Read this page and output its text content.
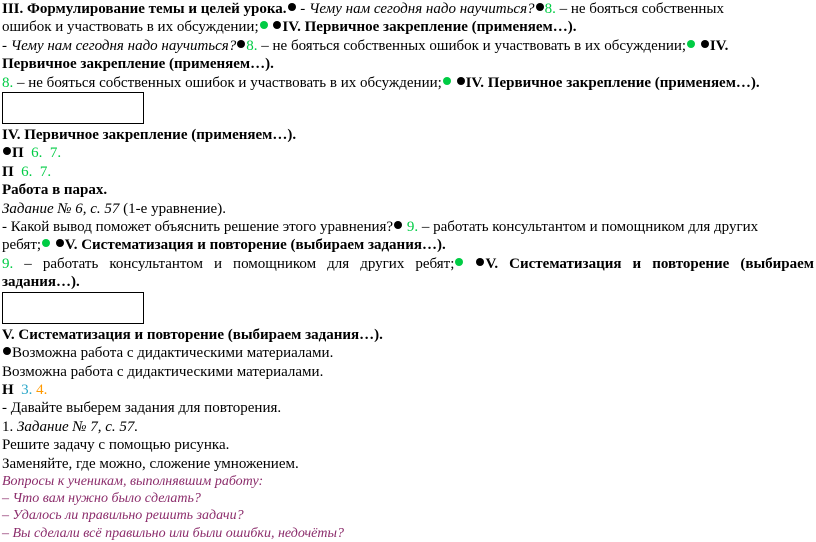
III. Формулирование темы и целей урока. - Чему нам сегодня надо научиться? 8. – не бояться собственных
ошибок и участвовать в их обсуждении; IV. Первичное закрепление (применяем…).
- Чему нам сегодня надо научиться? 8. – не бояться собственных ошибок и участвовать в их обсуждении; IV.
Первичное закрепление (применяем…).
8. – не бояться собственных ошибок и участвовать в их обсуждении; IV. Первичное закрепление (применяем…).
IV. Первичное закрепление (применяем…).
П 6. 7.
П 6. 7.
Работа в парах.
Задание № 6, с. 57 (1-е уравнение).
- Какой вывод поможет объяснить решение этого уравнения? 9. – работать консультантом и помощником для других
ребят; V. Систематизация и повторение (выбираем задания…).
9. – работать консультантом и помощником для других ребят; V. Систематизация и повторение (выбираем
задания…).
V. Систематизация и повторение (выбираем задания…).
Возможна работа с дидактическими материалами.
Возможна работа с дидактическими материалами.
Н 3. 4.
- Давайте выберем задания для повторения.
1. Задание № 7, с. 57.
Решите задачу с помощью рисунка.
Заменяйте, где можно, сложение умножением.
Вопросы к ученикам, выполнявшим работу:
– Что вам нужно было сделать?
– Удалось ли правильно решить задачи?
– Вы сделали всё правильно или были ошибки, недочёты?
